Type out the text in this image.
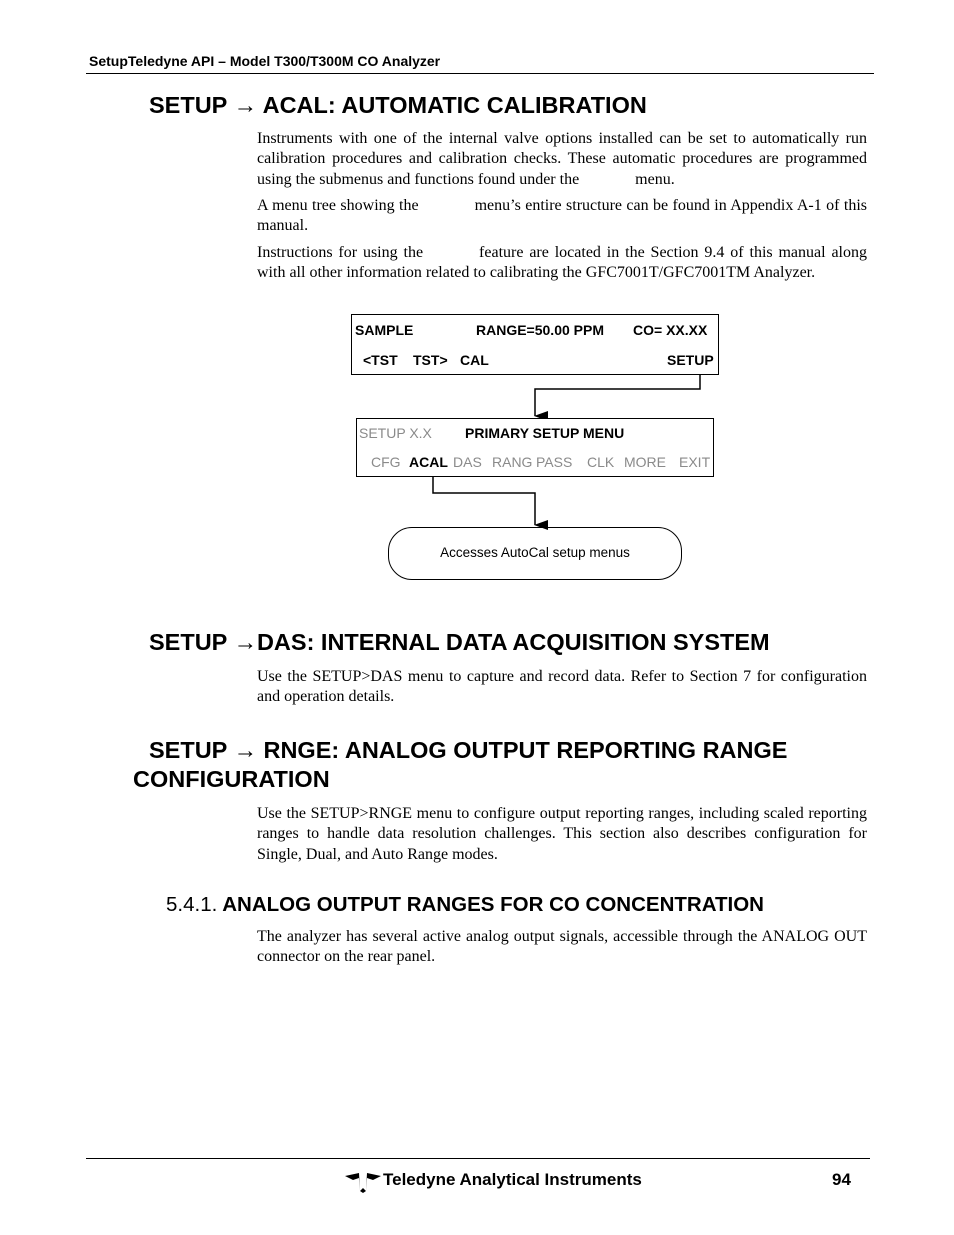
SetupTeledyne API – Model T300/T300M CO Analyzer
SETUP → ACAL: AUTOMATIC CALIBRATION

Instruments with one of the internal valve options installed can be set to automatically run calibration procedures and calibration checks. These automatic procedures are programmed using the submenus and functions found under the	menu.

A menu tree showing the	menu’s entire structure can be found in Appendix A-1 of this manual.

Instructions for using the	feature are located in the Section 9.4 of this manual along with all other information related to calibrating the GFC7001T/GFC7001TM Analyzer.

SAMPLE	RANGE=50.00 PPM CO= XX.XX
<TST TST> CAL	SETUP
SETUP X.X PRIMARY SETUP MENU
CFG ACAL DAS RANG PASS CLK MORE EXIT
Accesses AutoCal setup menus
SETUP →DAS: INTERNAL DATA ACQUISITION SYSTEM

Use the SETUP>DAS menu to capture and record data. Refer to Section 7 for configuration and operation details.

SETUP → RNGE: ANALOG OUTPUT REPORTING RANGE
CONFIGURATION

Use the SETUP>RNGE menu to configure output reporting ranges, including scaled reporting ranges to handle data resolution challenges. This section also describes configuration for Single, Dual, and Auto Range modes.

5.4.1. ANALOG OUTPUT RANGES FOR CO CONCENTRATION

The analyzer has several active analog output signals, accessible through the ANALOG OUT connector on the rear panel.

Teledyne Analytical Instruments	94
